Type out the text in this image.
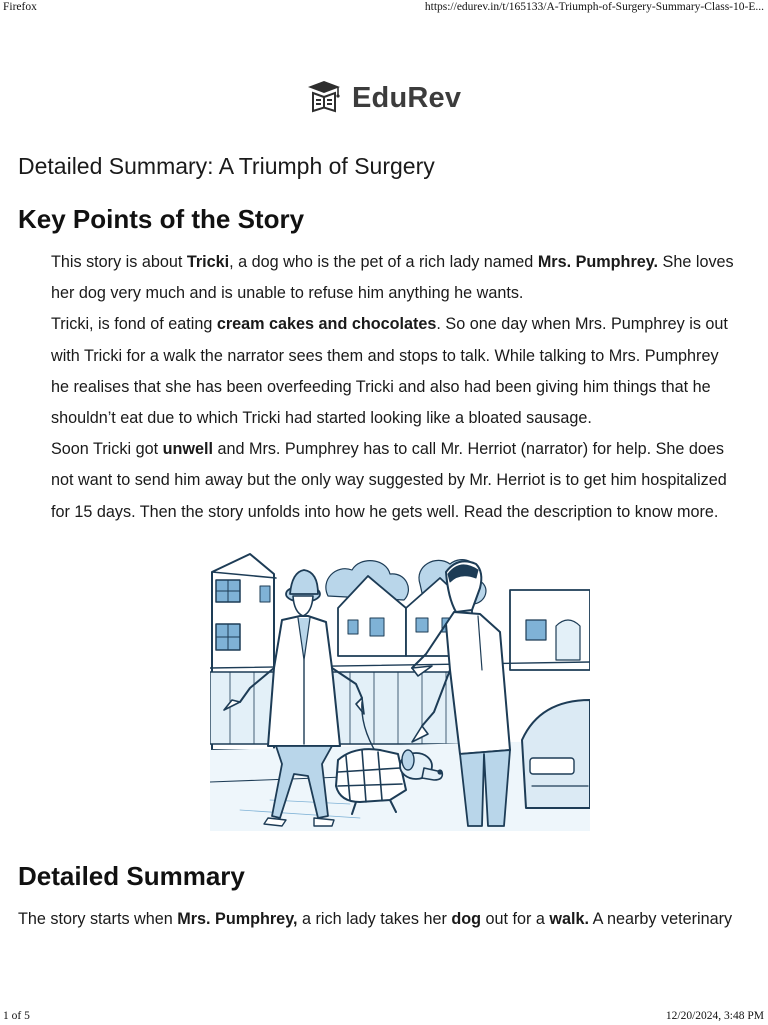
Firefox	https://edurev.in/t/165133/A-Triumph-of-Surgery-Summary-Class-10-E...
EduRev
Detailed Summary: A Triumph of Surgery
Key Points of the Story

This story is about Tricki, a dog who is the pet of a rich lady named Mrs. Pumphrey. She loves
her dog very much and is unable to refuse him anything he wants.

Tricki, is fond of eating cream cakes and chocolates. So one day when Mrs. Pumphrey is out
with Tricki for a walk the narrator sees them and stops to talk. While talking to Mrs. Pumphrey
he realises that she has been overfeeding Tricki and also had been giving him things that he
shouldn’t eat due to which Tricki had started looking like a bloated sausage.

Soon Tricki got unwell and Mrs. Pumphrey has to call Mr. Herriot (narrator) for help. She does
not want to send him away but the only way suggested by Mr. Herriot is to get him hospitalized
for 15 days. Then the story unfolds into how he gets well. Read the description to know more.

Detailed Summary

The story starts when Mrs. Pumphrey, a rich lady takes her dog out for a walk. A nearby veterinary

1 of 5	12/20/2024, 3:48 PM
